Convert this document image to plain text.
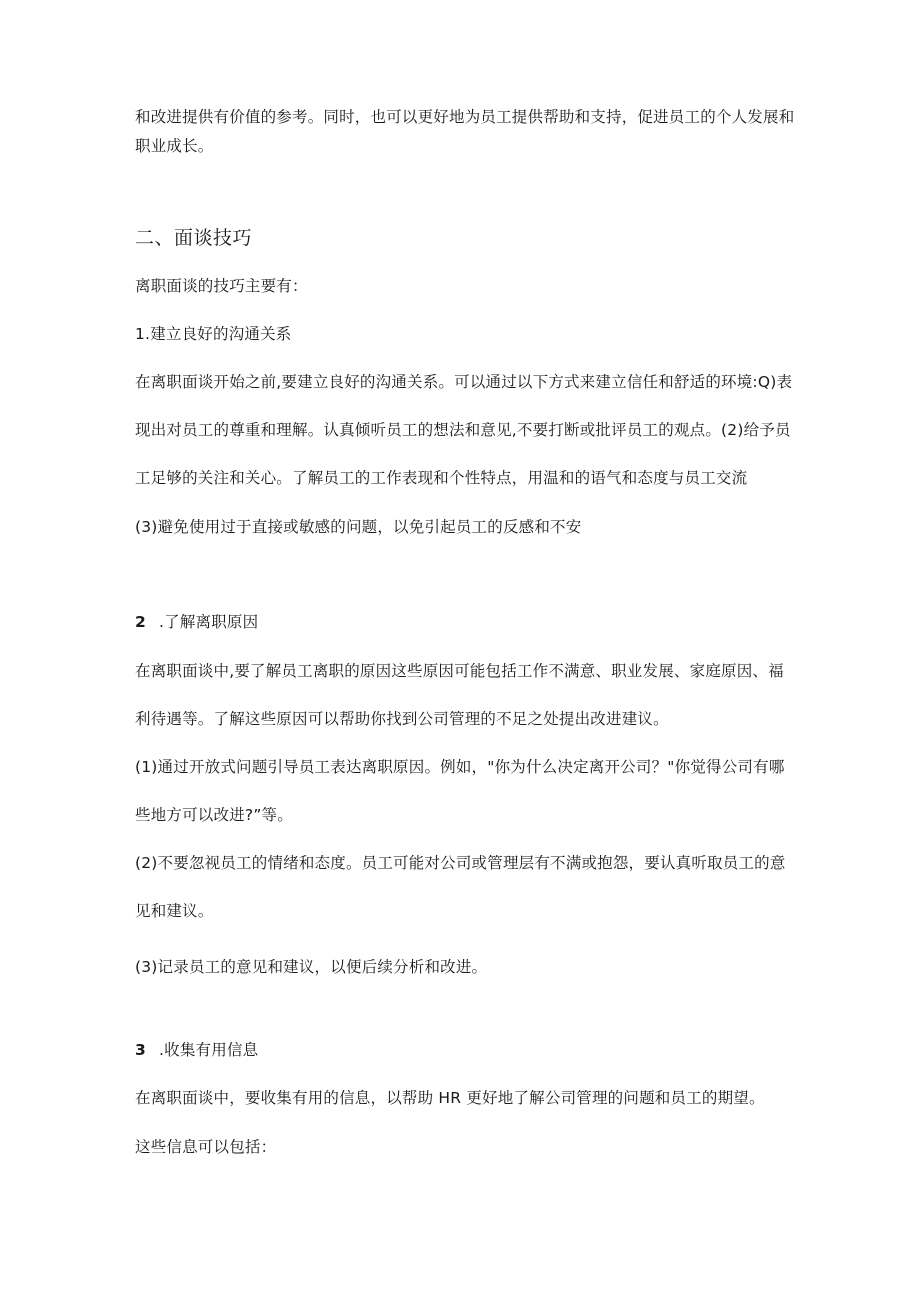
和改进提供有价值的参考。同时，也可以更好地为员工提供帮助和支持，促进员工的个人发展和
职业成长。
二、面谈技巧
离职面谈的技巧主要有：
1.建立良好的沟通关系
在离职面谈开始之前,要建立良好的沟通关系。可以通过以下方式来建立信任和舒适的环境:Q)表
现出对员工的尊重和理解。认真倾听员工的想法和意见,不要打断或批评员工的观点。(2)给予员
工足够的关注和关心。了解员工的工作表现和个性特点，用温和的语气和态度与员工交流
(3)避免使用过于直接或敏感的问题，以免引起员工的反感和不安
2 .了解离职原因
在离职面谈中,要了解员工离职的原因这些原因可能包括工作不满意、职业发展、家庭原因、福
利待遇等。了解这些原因可以帮助你找到公司管理的不足之处提出改进建议。
(1)通过开放式问题引导员工表达离职原因。例如，"你为什么决定离开公司？"你觉得公司有哪
些地方可以改进?”等。
(2)不要忽视员工的情绪和态度。员工可能对公司或管理层有不满或抱怨，要认真听取员工的意
见和建议。
(3)记录员工的意见和建议，以便后续分析和改进。
3 .收集有用信息
在离职面谈中，要收集有用的信息，以帮助 HR 更好地了解公司管理的问题和员工的期望。
这些信息可以包括：
